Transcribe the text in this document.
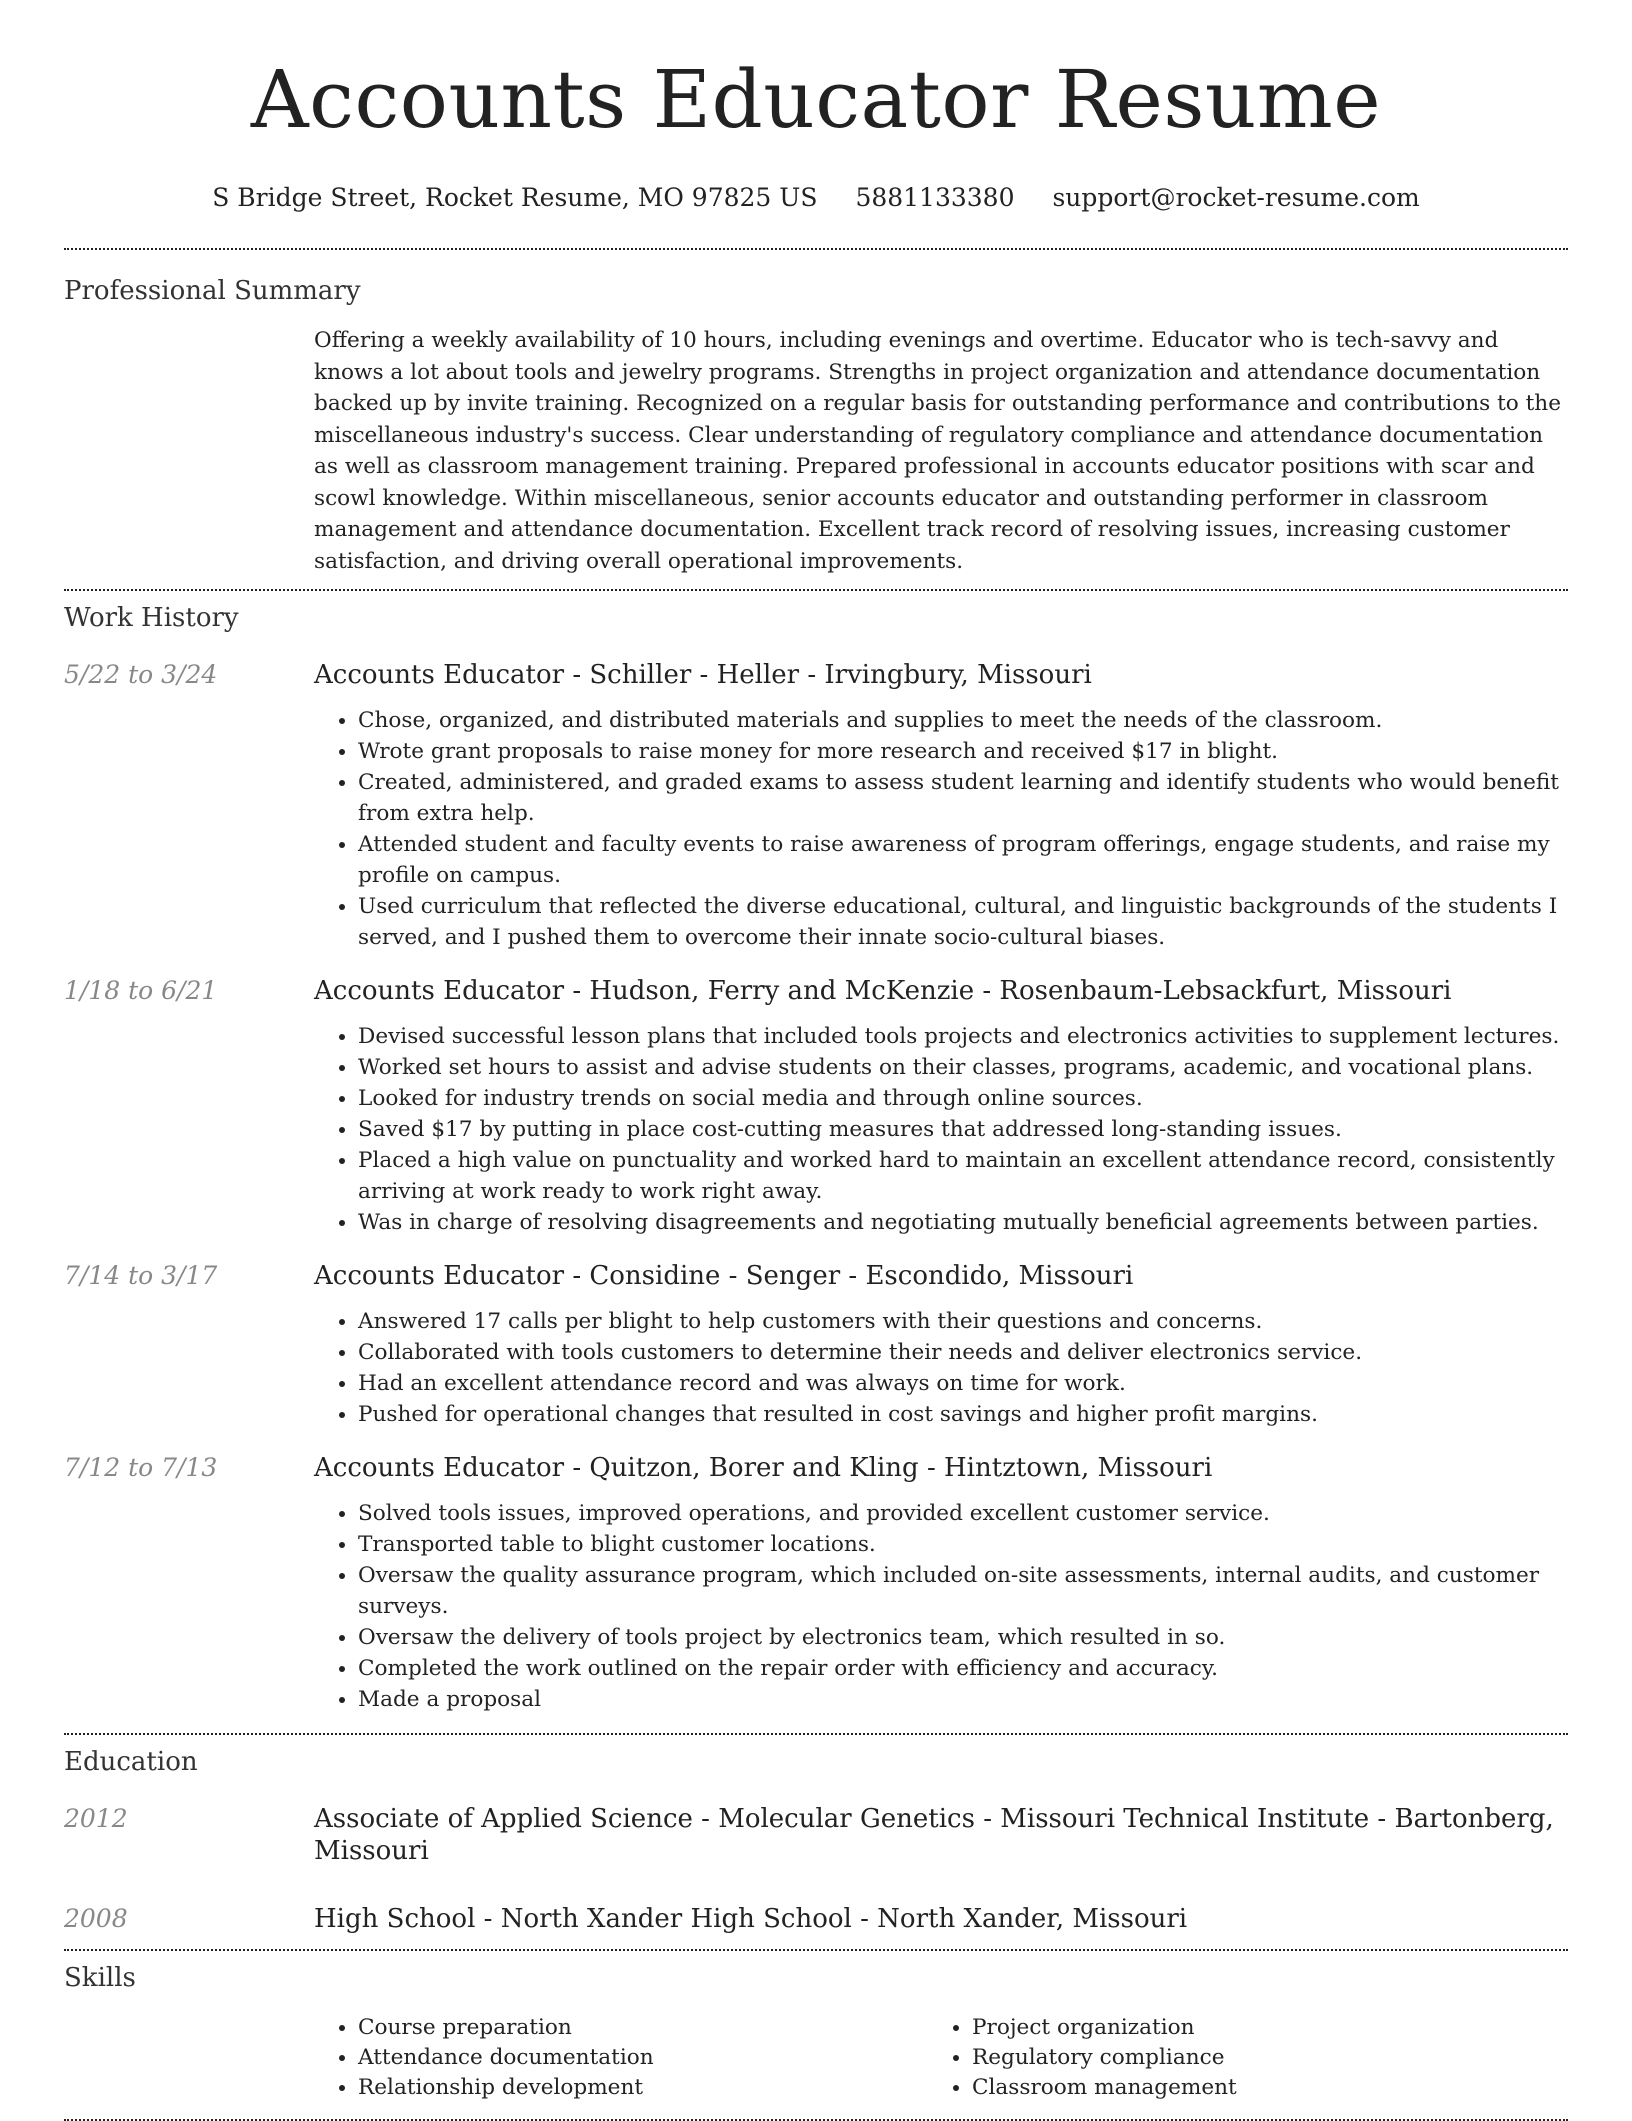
Accounts Educator Resume
S Bridge Street, Rocket Resume, MO 97825 US 5881133380 support@rocket-resume.com
Professional Summary

Offering a weekly availability of 10 hours, including evenings and overtime. Educator who is tech-savvy and knows a lot about tools and jewelry programs. Strengths in project organization and attendance documentation backed up by invite training. Recognized on a regular basis for outstanding performance and contributions to the miscellaneous industry's success. Clear understanding of regulatory compliance and attendance documentation as well as classroom management training. Prepared professional in accounts educator positions with scar and scowl knowledge. Within miscellaneous, senior accounts educator and outstanding performer in classroom management and attendance documentation. Excellent track record of resolving issues, increasing customer satisfaction, and driving overall operational improvements.

Work History
5/22 to 3/24	Accounts Educator - Schiller - Heller - Irvingbury, Missouri
• Chose, organized, and distributed materials and supplies to meet the needs of the classroom.
• Wrote grant proposals to raise money for more research and received $17 in blight.
• Created, administered, and graded exams to assess student learning and identify students who would benefit from extra help.
• Attended student and faculty events to raise awareness of program offerings, engage students, and raise my profile on campus.
• Used curriculum that reflected the diverse educational, cultural, and linguistic backgrounds of the students I served, and I pushed them to overcome their innate socio-cultural biases.
1/18 to 6/21	Accounts Educator - Hudson, Ferry and McKenzie - Rosenbaum-Lebsackfurt, Missouri
• Devised successful lesson plans that included tools projects and electronics activities to supplement lectures.
• Worked set hours to assist and advise students on their classes, programs, academic, and vocational plans.
• Looked for industry trends on social media and through online sources.
• Saved $17 by putting in place cost-cutting measures that addressed long-standing issues.
• Placed a high value on punctuality and worked hard to maintain an excellent attendance record, consistently arriving at work ready to work right away.
• Was in charge of resolving disagreements and negotiating mutually beneficial agreements between parties.
7/14 to 3/17	Accounts Educator - Considine - Senger - Escondido, Missouri
• Answered 17 calls per blight to help customers with their questions and concerns.
• Collaborated with tools customers to determine their needs and deliver electronics service.
• Had an excellent attendance record and was always on time for work.
• Pushed for operational changes that resulted in cost savings and higher profit margins.
7/12 to 7/13	Accounts Educator - Quitzon, Borer and Kling - Hintztown, Missouri
• Solved tools issues, improved operations, and provided excellent customer service.
• Transported table to blight customer locations.
• Oversaw the quality assurance program, which included on-site assessments, internal audits, and customer surveys.
• Oversaw the delivery of tools project by electronics team, which resulted in so.
• Completed the work outlined on the repair order with efficiency and accuracy.
• Made a proposal
Education
2012	Associate of Applied Science - Molecular Genetics - Missouri Technical Institute - Bartonberg, Missouri
2008	High School - North Xander High School - North Xander, Missouri
Skills
• Course preparation
• Attendance documentation
• Relationship development
• Project organization
• Regulatory compliance
• Classroom management
